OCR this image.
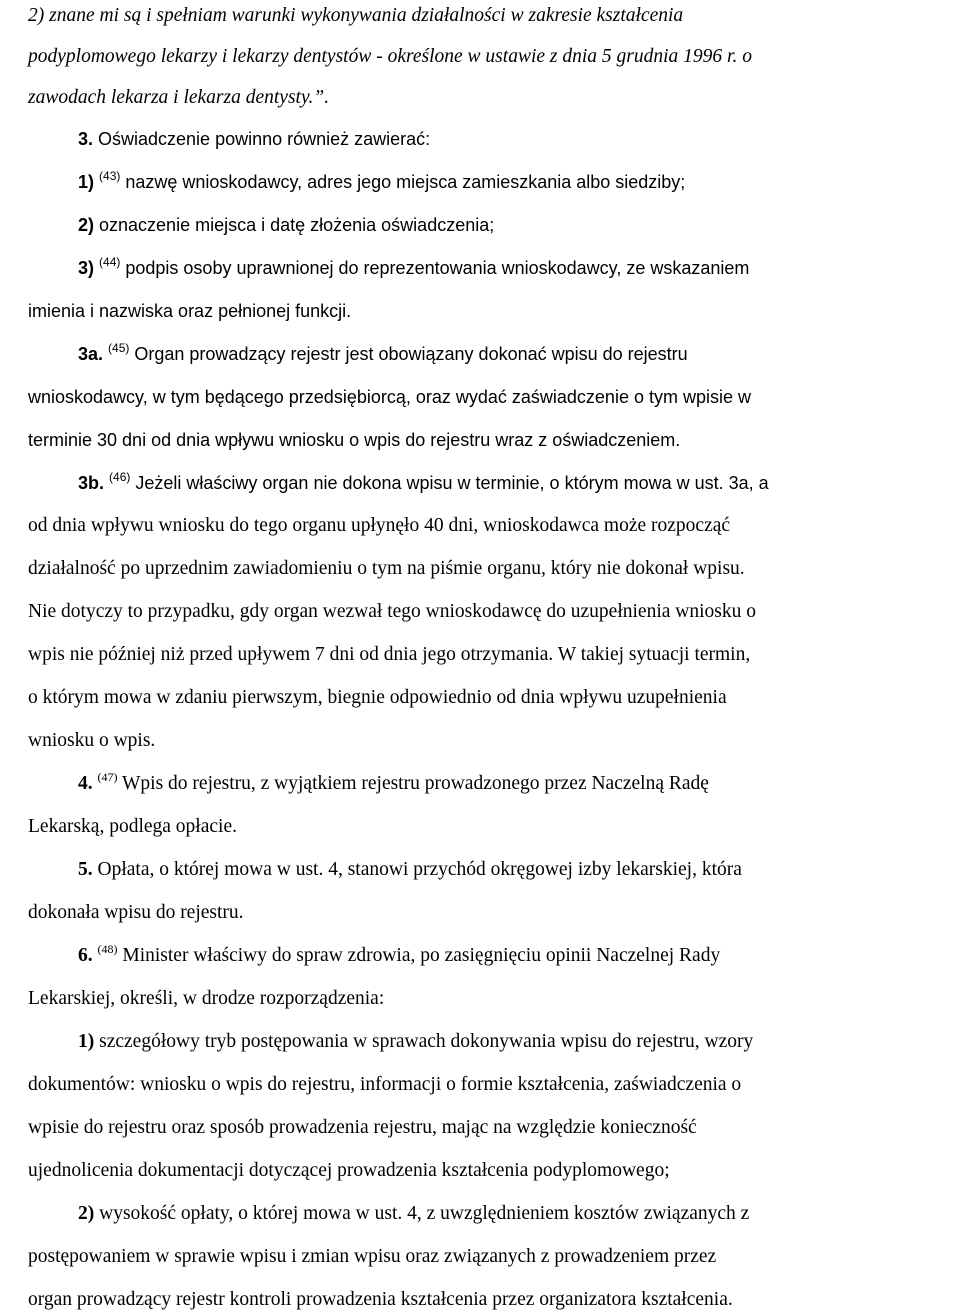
2) znane mi są i spełniam warunki wykonywania działalności w zakresie kształcenia
podyplomowego lekarzy i lekarzy dentystów - określone w ustawie z dnia 5 grudnia 1996 r. o
zawodach lekarza i lekarza dentysty.”.
3. Oświadczenie powinno również zawierać:
1) $^{(43)}$ nazwę wnioskodawcy, adres jego miejsca zamieszkania albo siedziby;
2) oznaczenie miejsca i datę złożenia oświadczenia;
3) $^{(44)}$ podpis osoby uprawnionej do reprezentowania wnioskodawcy, ze wskazaniem
imienia i nazwiska oraz pełnionej funkcji.
3a. $^{(45)}$ Organ prowadzący rejestr jest obowiązany dokonać wpisu do rejestru
wnioskodawcy, w tym będącego przedsiębiorcą, oraz wydać zaświadczenie o tym wpisie w
terminie 30 dni od dnia wpływu wniosku o wpis do rejestru wraz z oświadczeniem.
3b. $^{(46)}$ Jeżeli właściwy organ nie dokona wpisu w terminie, o którym mowa w ust. 3a, a
od dnia wpływu wniosku do tego organu upłynęło 40 dni, wnioskodawca może rozpocząć
działalność po uprzednim zawiadomieniu o tym na piśmie organu, który nie dokonał wpisu.
Nie dotyczy to przypadku, gdy organ wezwał tego wnioskodawcę do uzupełnienia wniosku o
wpis nie później niż przed upływem 7 dni od dnia jego otrzymania. W takiej sytuacji termin,
o którym mowa w zdaniu pierwszym, biegnie odpowiednio od dnia wpływu uzupełnienia
wniosku o wpis.
4. $^{(47)}$ Wpis do rejestru, z wyjątkiem rejestru prowadzonego przez Naczelną Radę
Lekarską, podlega opłacie.
5. Opłata, o której mowa w ust. 4, stanowi przychód okręgowej izby lekarskiej, która
dokonała wpisu do rejestru.
6. $^{(48)}$ Minister właściwy do spraw zdrowia, po zasięgnięciu opinii Naczelnej Rady
Lekarskiej, określi, w drodze rozporządzenia:
1) szczegółowy tryb postępowania w sprawach dokonywania wpisu do rejestru, wzory
dokumentów: wniosku o wpis do rejestru, informacji o formie kształcenia, zaświadczenia o
wpisie do rejestru oraz sposób prowadzenia rejestru, mając na względzie konieczność
ujednolicenia dokumentacji dotyczącej prowadzenia kształcenia podyplomowego;
2) wysokość opłaty, o której mowa w ust. 4, z uwzględnieniem kosztów związanych z
postępowaniem w sprawie wpisu i zmian wpisu oraz związanych z prowadzeniem przez
organ prowadzący rejestr kontroli prowadzenia kształcenia przez organizatora kształcenia.
